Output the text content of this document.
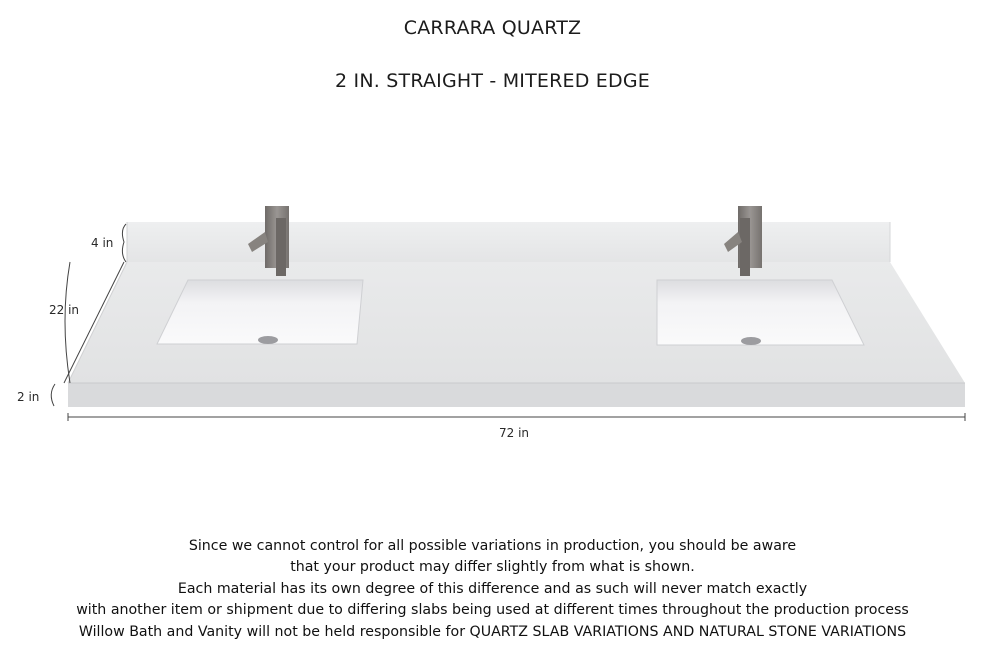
CARRARA QUARTZ
2 IN. STRAIGHT - MITERED EDGE
4 in
22 in
2 in
72 in
Since we cannot control for all possible variations in production, you should be aware
that your product may differ slightly from what is shown.
Each material has its own degree of this difference and as such will never match exactly
with another item or shipment due to differing slabs being used at different times throughout the production process
Willow Bath and Vanity will not be held responsible for QUARTZ SLAB VARIATIONS AND NATURAL STONE VARIATIONS
